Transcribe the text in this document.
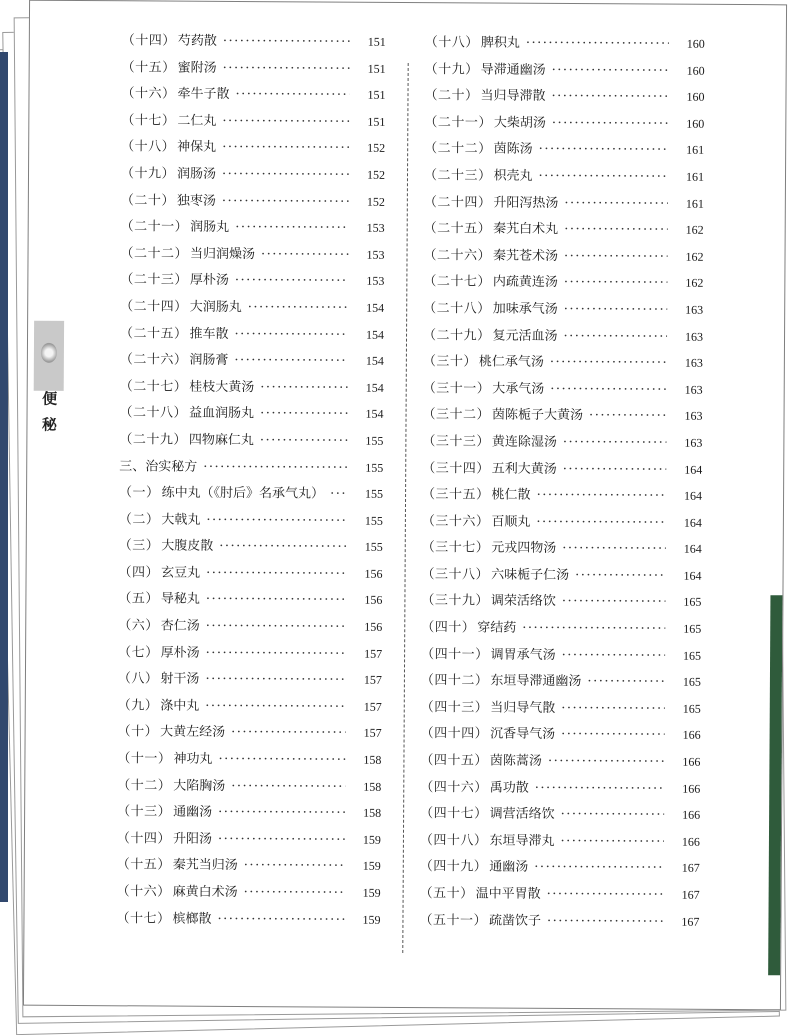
便秘
（十四） 芍药散 ·····	151
（十五） 蜜附汤 ·····	151
（十六） 牵牛子散 ·····	151
（十七） 二仁丸 ·····	151
（十八） 神保丸 ·····	152
（十九） 润肠汤 ·····	152
（二十） 独枣汤 ·····	152
（二十一） 润肠丸 ·····	153
（二十二） 当归润燥汤 ·····	153
（二十三） 厚朴汤 ·····	153
（二十四） 大润肠丸 ·····	154
（二十五） 推车散 ·····	154
（二十六） 润肠膏 ·····	154
（二十七） 桂枝大黄汤 ·····	154
（二十八） 益血润肠丸 ·····	154
（二十九） 四物麻仁丸 ·····	155
三、治实秘方 ·····	155
（一） 练中丸（《肘后》名承气丸） ·····	155
（二） 大戟丸 ·····	155
（三） 大腹皮散 ·····	155
（四） 玄豆丸 ·····	156
（五） 导秘丸 ·····	156
（六） 杏仁汤 ·····	156
（七） 厚朴汤 ·····	157
（八） 射干汤 ·····	157
（九） 涤中丸 ·····	157
（十） 大黄左经汤 ·····	157
（十一） 神功丸 ·····	158
（十二） 大陷胸汤 ·····	158
（十三） 通幽汤 ·····	158
（十四） 升阳汤 ·····	159
（十五） 秦艽当归汤 ·····	159
（十六） 麻黄白术汤 ·····	159
（十七） 槟榔散 ·····	159
（十八） 脾积丸 ·····	160
（十九） 导滞通幽汤 ·····	160
（二十） 当归导滞散 ·····	160
（二十一） 大柴胡汤 ·····	160
（二十二） 茵陈汤 ·····	161
（二十三） 枳壳丸 ·····	161
（二十四） 升阳泻热汤 ·····	161
（二十五） 秦艽白术丸 ·····	162
（二十六） 秦艽苍术汤 ·····	162
（二十七） 内疏黄连汤 ·····	162
（二十八） 加味承气汤 ·····	163
（二十九） 复元活血汤 ·····	163
（三十） 桃仁承气汤 ·····	163
（三十一） 大承气汤 ·····	163
（三十二） 茵陈栀子大黄汤 ·····	163
（三十三） 黄连除湿汤 ·····	163
（三十四） 五利大黄汤 ·····	164
（三十五） 桃仁散 ·····	164
（三十六） 百顺丸 ·····	164
（三十七） 元戎四物汤 ·····	164
（三十八） 六味栀子仁汤 ·····	164
（三十九） 调荣活络饮 ·····	165
（四十） 穿结药 ·····	165
（四十一） 调胃承气汤 ·····	165
（四十二） 东垣导滞通幽汤 ·····	165
（四十三） 当归导气散 ·····	165
（四十四） 沉香导气汤 ·····	166
（四十五） 茵陈蒿汤 ·····	166
（四十六） 禹功散 ·····	166
（四十七） 调营活络饮 ·····	166
（四十八） 东垣导滞丸 ·····	166
（四十九） 通幽汤 ·····	167
（五十） 温中平胃散 ·····	167
（五十一） 疏凿饮子 ·····	167
